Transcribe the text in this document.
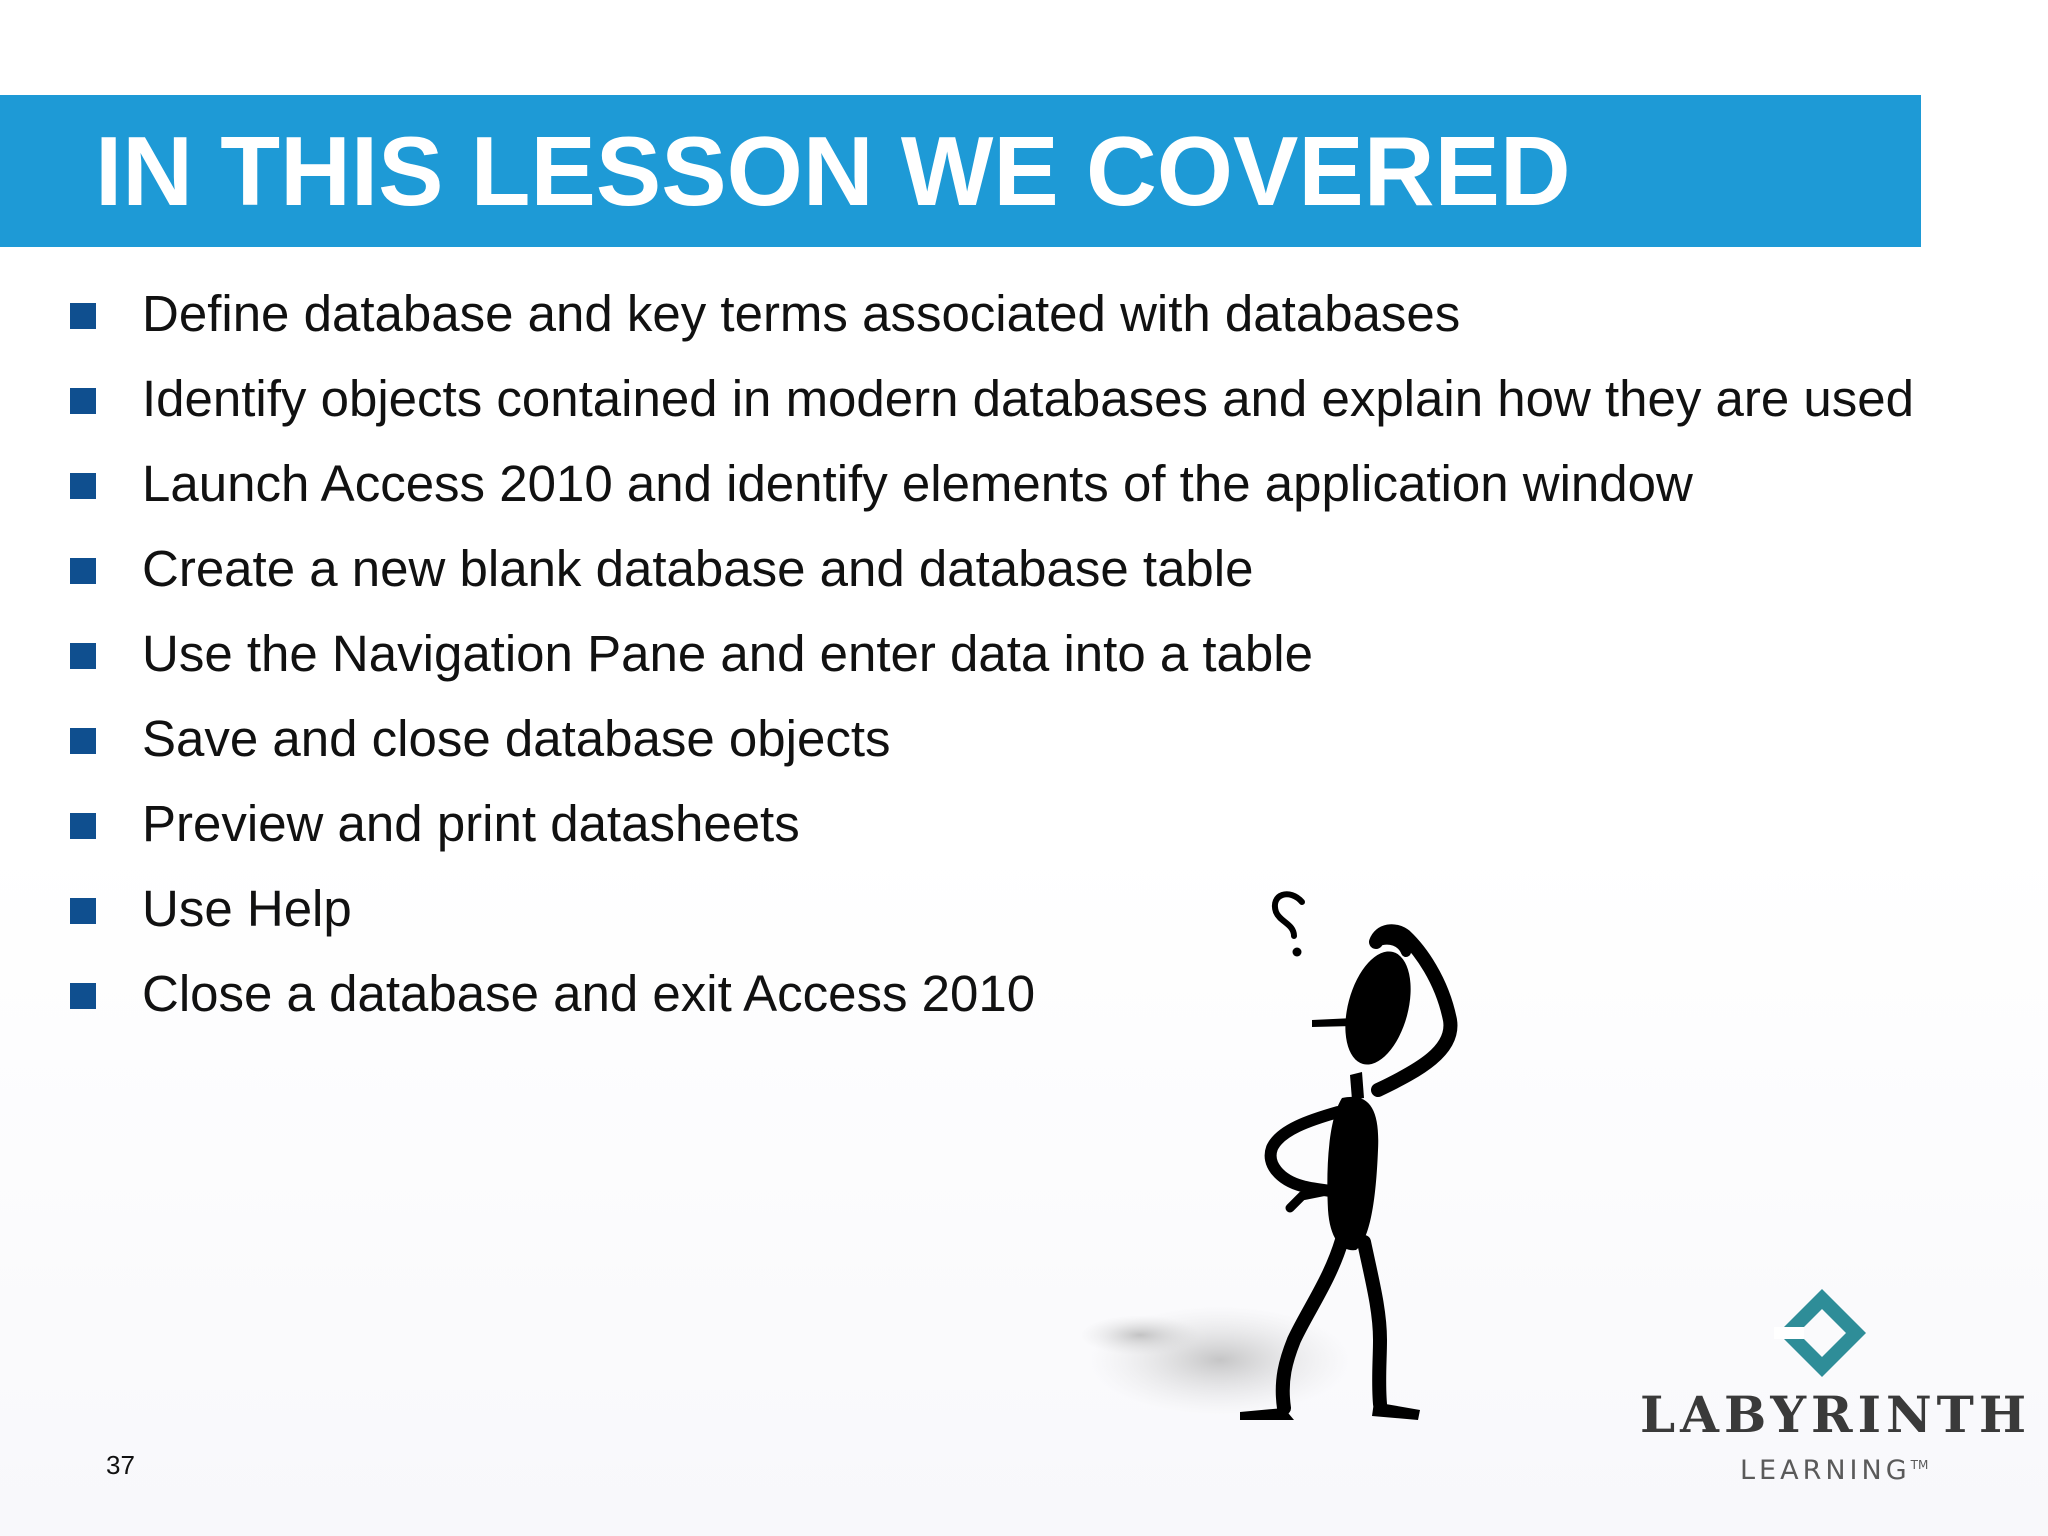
IN THIS LESSON WE COVERED
Define database and key terms associated with databases
Identify objects contained in modern databases and explain how they are used
Launch Access 2010 and identify elements of the application window
Create a new blank database and database table
Use the Navigation Pane and enter data into a table
Save and close database objects
Preview and print datasheets
Use Help
Close a database and exit Access 2010
LABYRINTH
LEARNING™
37
